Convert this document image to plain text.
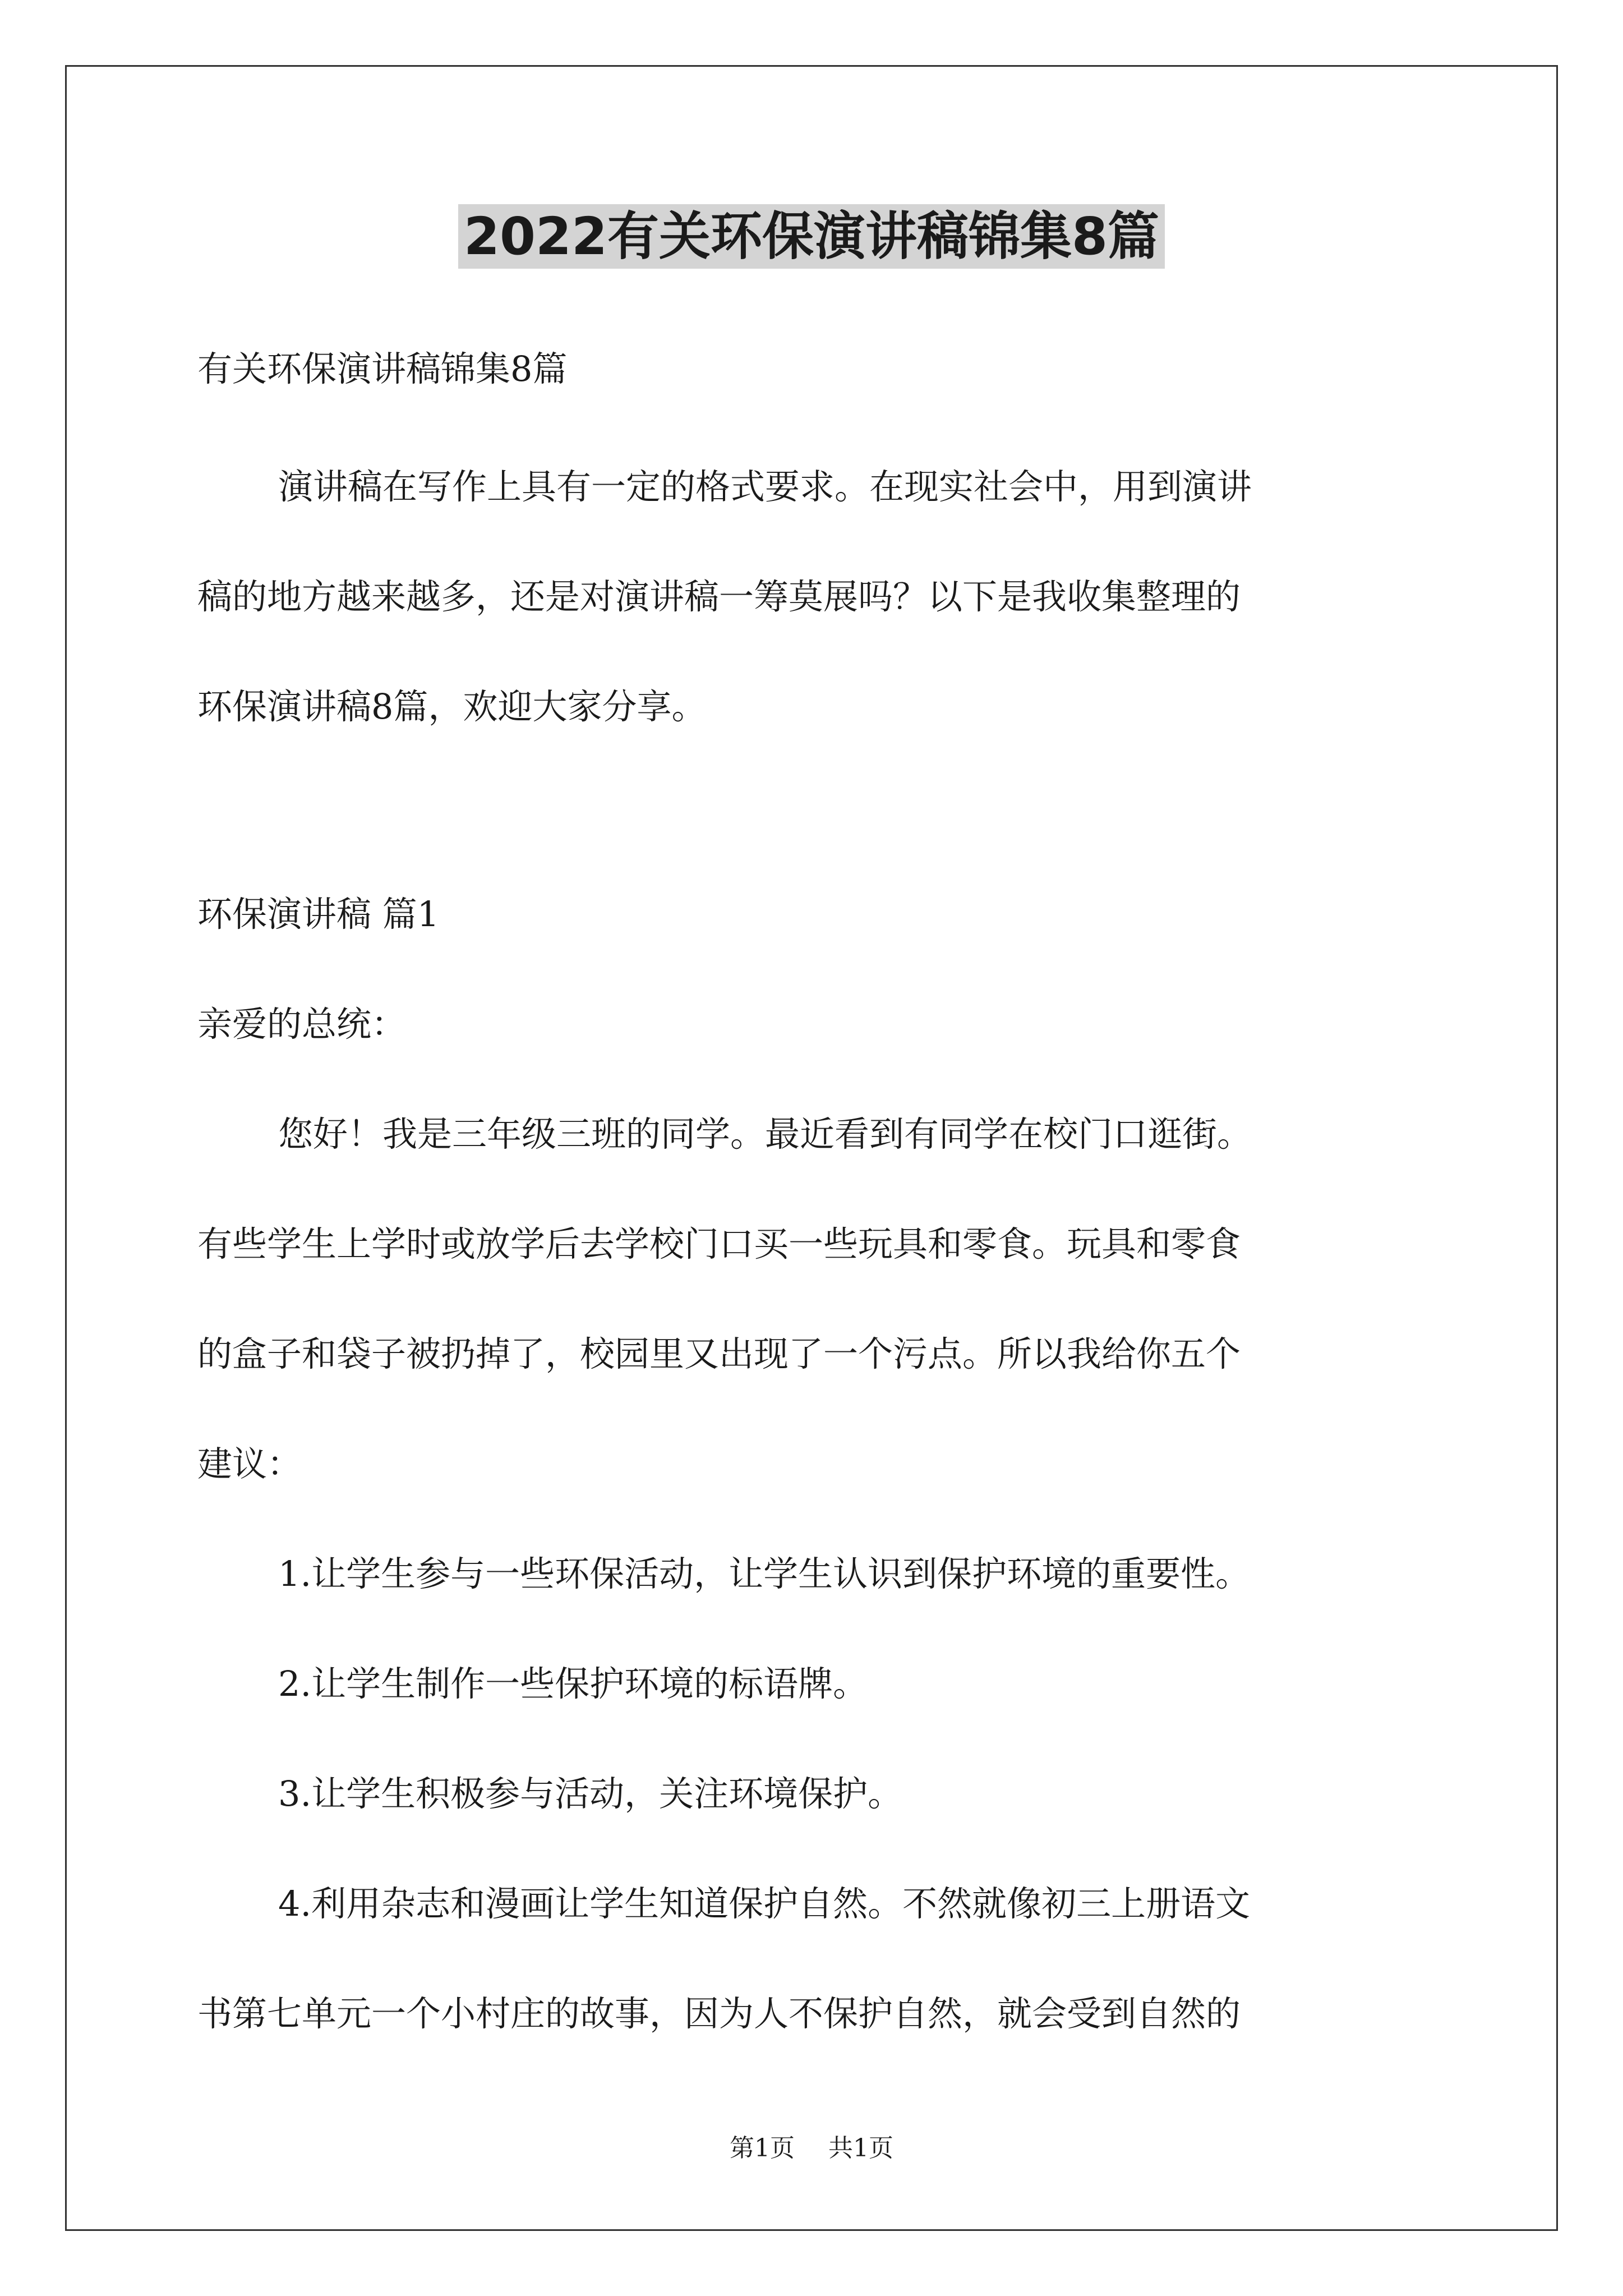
2022有关环保演讲稿锦集8篇
有关环保演讲稿锦集8篇
演讲稿在写作上具有一定的格式要求。在现实社会中，用到演讲
稿的地方越来越多，还是对演讲稿一筹莫展吗？以下是我收集整理的
环保演讲稿8篇，欢迎大家分享。
环保演讲稿 篇1
亲爱的总统：
您好！我是三年级三班的同学。最近看到有同学在校门口逛街。
有些学生上学时或放学后去学校门口买一些玩具和零食。玩具和零食
的盒子和袋子被扔掉了，校园里又出现了一个污点。所以我给你五个
建议：
1.让学生参与一些环保活动，让学生认识到保护环境的重要性。
2.让学生制作一些保护环境的标语牌。
3.让学生积极参与活动，关注环境保护。
4.利用杂志和漫画让学生知道保护自然。不然就像初三上册语文
书第七单元一个小村庄的故事，因为人不保护自然，就会受到自然的
第1页 共1页
